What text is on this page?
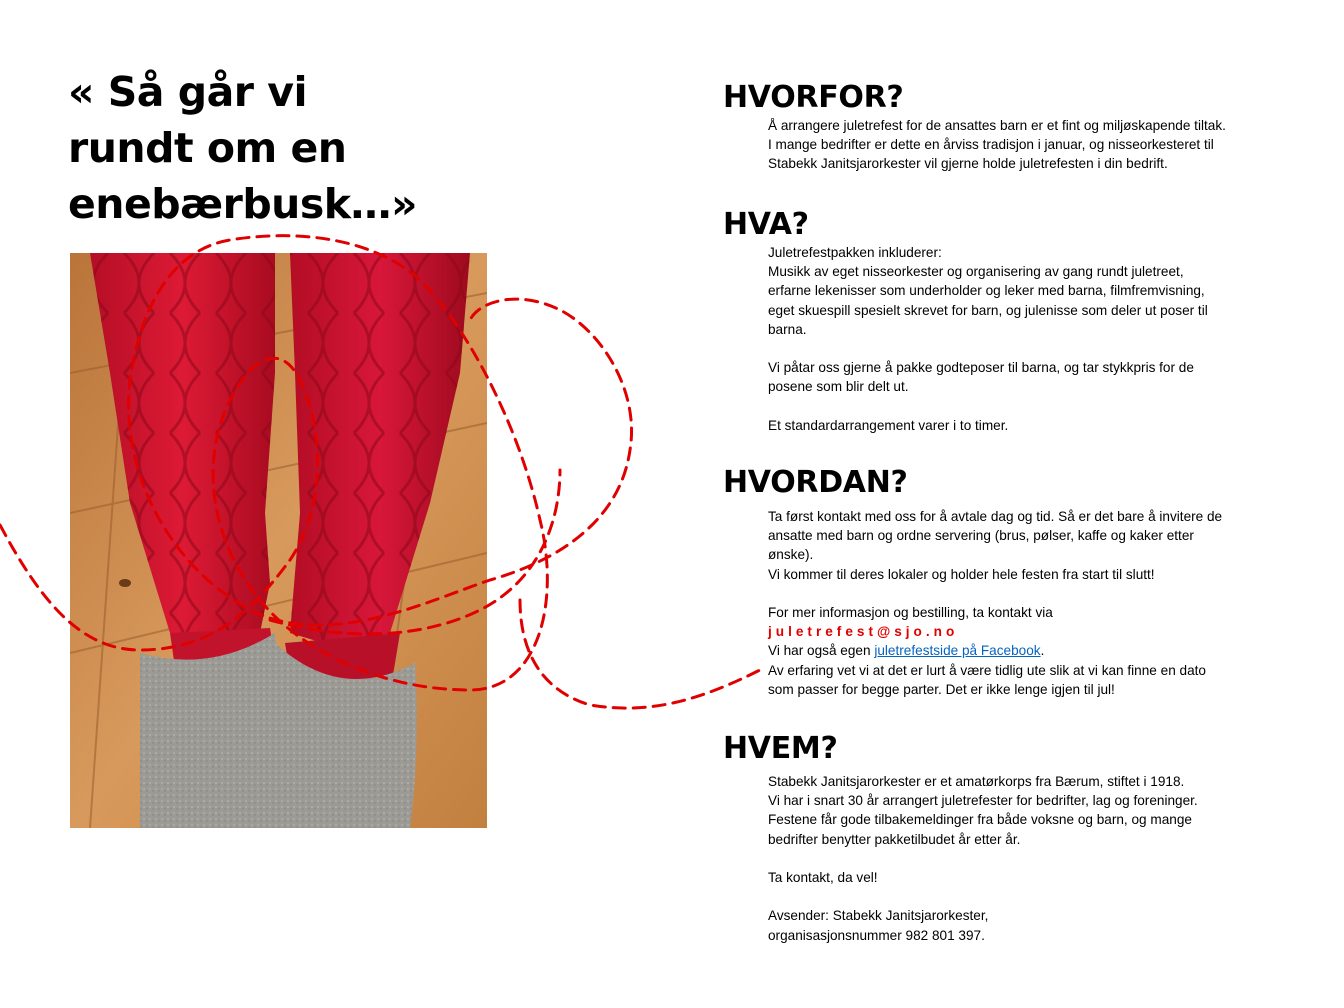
« Så går vi
rundt om en
enebærbusk…»
HVORFOR?
Å arrangere juletrefest for de ansattes barn er et fint og miljøskapende tiltak.
I mange bedrifter er dette en årviss tradisjon i januar, og nisseorkesteret til
Stabekk Janitsjarorkester vil gjerne holde juletrefesten i din bedrift.
HVA?
Juletrefestpakken inkluderer:
Musikk av eget nisseorkester og organisering av gang rundt juletreet,
erfarne lekenisser som underholder og leker med barna, filmfremvisning,
eget skuespill spesielt skrevet for barn, og julenisse som deler ut poser til
barna.
Vi påtar oss gjerne å pakke godteposer til barna, og tar stykkpris for de
posene som blir delt ut.
Et standardarrangement varer i to timer.
HVORDAN?
Ta først kontakt med oss for å avtale dag og tid. Så er det bare å invitere de
ansatte med barn og ordne servering (brus, pølser, kaffe og kaker etter
ønske).
Vi kommer til deres lokaler og holder hele festen fra start til slutt!
For mer informasjon og bestilling, ta kontakt via
juletrefest@sjo.no
Vi har også egen juletrefestside på Facebook.
Av erfaring vet vi at det er lurt å være tidlig ute slik at vi kan finne en dato
som passer for begge parter. Det er ikke lenge igjen til jul!
HVEM?
Stabekk Janitsjarorkester er et amatørkorps fra Bærum, stiftet i 1918.
Vi har i snart 30 år arrangert juletrefester for bedrifter, lag og foreninger.
Festene får gode tilbakemeldinger fra både voksne og barn, og mange
bedrifter benytter pakketilbudet år etter år.
Ta kontakt, da vel!
Avsender: Stabekk Janitsjarorkester,
organisasjonsnummer 982 801 397.
